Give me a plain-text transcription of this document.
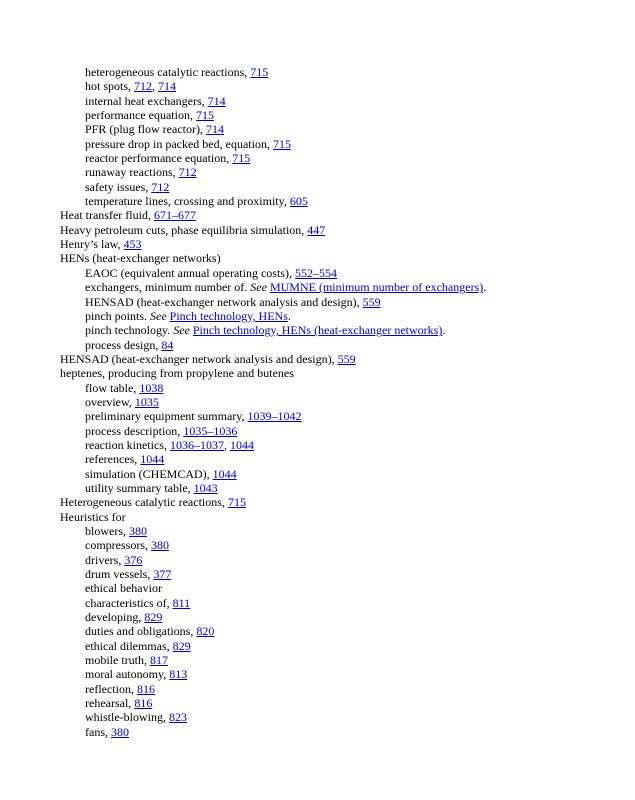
heterogeneous catalytic reactions, 715
hot spots, 712, 714
internal heat exchangers, 714
performance equation, 715
PFR (plug flow reactor), 714
pressure drop in packed bed, equation, 715
reactor performance equation, 715
runaway reactions, 712
safety issues, 712
temperature lines, crossing and proximity, 605
Heat transfer fluid, 671–677
Heavy petroleum cuts, phase equilibria simulation, 447
Henry’s law, 453
HENs (heat-exchanger networks)
EAOC (equivalent annual operating costs), 552–554
exchangers, minimum number of. See MUMNE (minimum number of exchangers).
HENSAD (heat-exchanger network analysis and design), 559
pinch points. See Pinch technology, HENs.
pinch technology. See Pinch technology, HENs (heat-exchanger networks).
process design, 84
HENSAD (heat-exchanger network analysis and design), 559
heptenes, producing from propylene and butenes
flow table, 1038
overview, 1035
preliminary equipment summary, 1039–1042
process description, 1035–1036
reaction kinetics, 1036–1037, 1044
references, 1044
simulation (CHEMCAD), 1044
utility summary table, 1043
Heterogeneous catalytic reactions, 715
Heuristics for
blowers, 380
compressors, 380
drivers, 376
drum vessels, 377
ethical behavior
characteristics of, 811
developing, 829
duties and obligations, 820
ethical dilemmas, 829
mobile truth, 817
moral autonomy, 813
reflection, 816
rehearsal, 816
whistle-blowing, 823
fans, 380
